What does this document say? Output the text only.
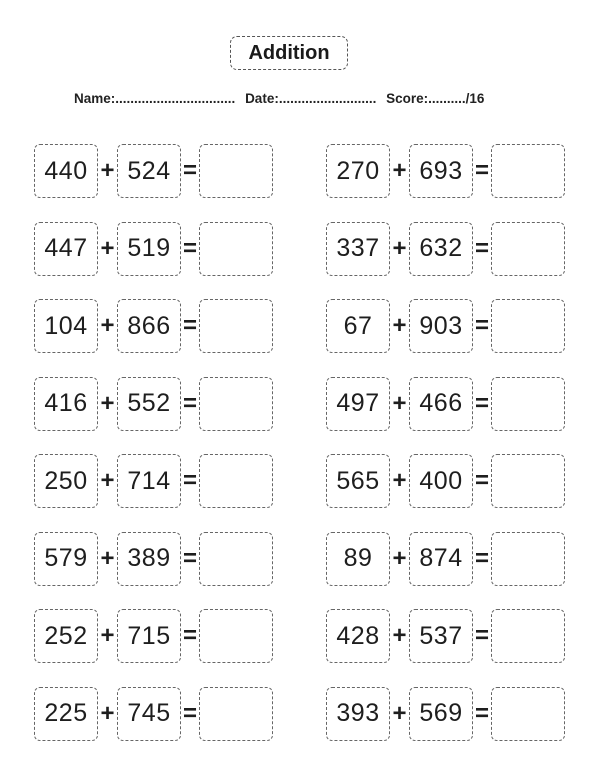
Addition
Name:................................ Date:.......................... Score:........../16
440 + 524 =
447 + 519 =
104 + 866 =
416 + 552 =
250 + 714 =
579 + 389 =
252 + 715 =
225 + 745 =
270 + 693 =
337 + 632 =
67 + 903 =
497 + 466 =
565 + 400 =
89 + 874 =
428 + 537 =
393 + 569 =
